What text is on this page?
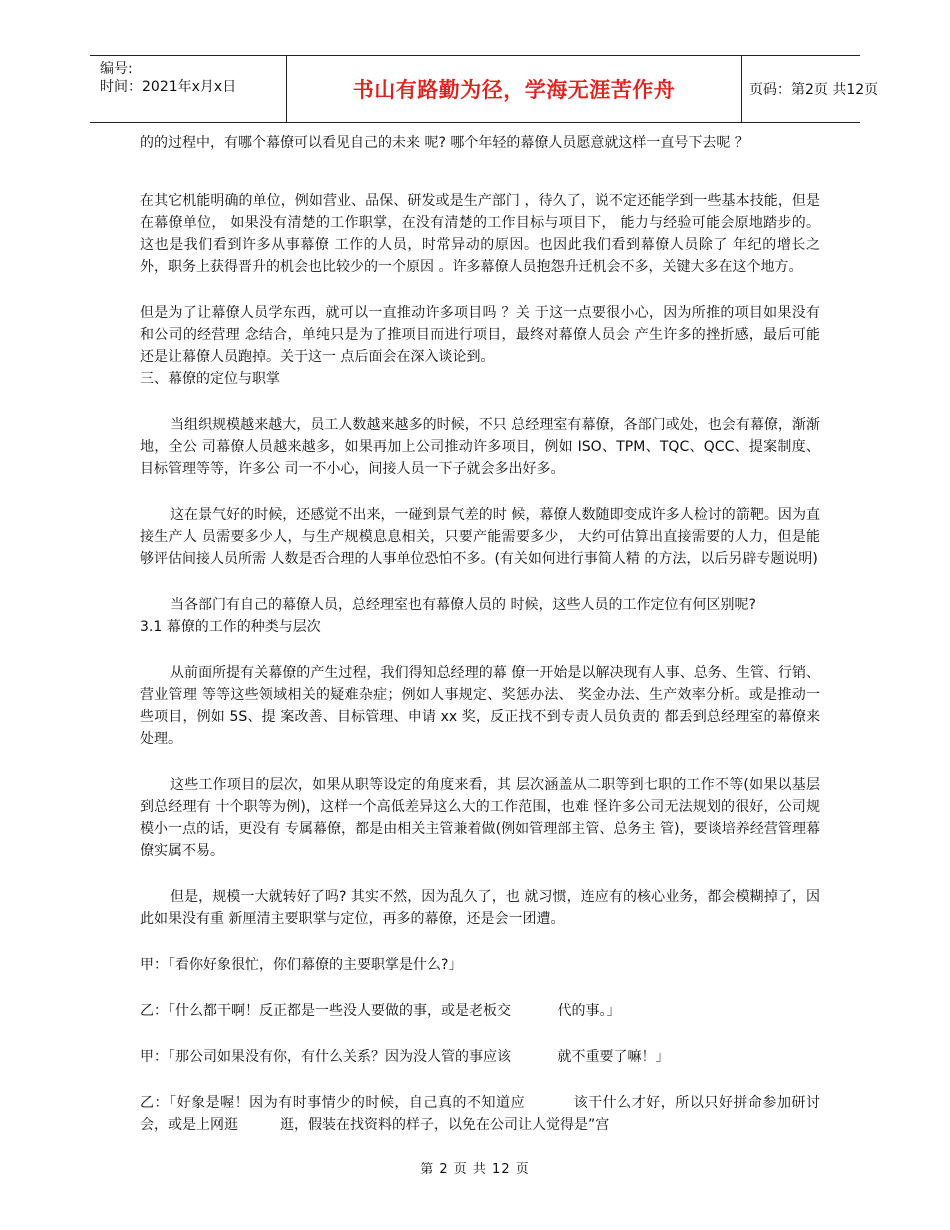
编号:
时间：2021年x月x日	书山有路勤为径，学海无涯苦作舟	页码：第2页 共12页

的的过程中，有哪个幕僚可以看见自己的未来 呢? 哪个年轻的幕僚人员愿意就这样一直号下去呢 ？

在其它机能明确的单位，例如营业、品保、研发或是生产部门 ，待久了，说不定还能学到一些基本技能，但是在幕僚单位， 如果没有清楚的工作职掌，在没有清楚的工作目标与项目下， 能力与经验可能会原地踏步的。这也是我们看到许多从事幕僚 工作的人员，时常异动的原因。也因此我们看到幕僚人员除了 年纪的增长之外，职务上获得晋升的机会也比较少的一个原因 。许多幕僚人员抱怨升迁机会不多，关键大多在这个地方。

但是为了让幕僚人员学东西，就可以一直推动许多项目吗 ？关 于这一点要很小心，因为所推的项目如果没有和公司的经营理 念结合，单纯只是为了推项目而进行项目，最终对幕僚人员会 产生许多的挫折感，最后可能还是让幕僚人员跑掉。关于这一 点后面会在深入谈论到。

三、幕僚的定位与职掌

当组织规模越来越大，员工人数越来越多的时候，不只 总经理室有幕僚，各部门或处，也会有幕僚，渐渐地，全公 司幕僚人员越来越多，如果再加上公司推动许多项目，例如 ISO、TPM、TQC、QCC、提案制度、目标管理等等，许多公 司一不小心，间接人员一下子就会多出好多。

这在景气好的时候，还感觉不出来，一碰到景气差的时 候，幕僚人数随即变成许多人检讨的箭靶。因为直接生产人 员需要多少人，与生产规模息息相关，只要产能需要多少， 大约可估算出直接需要的人力，但是能够评估间接人员所需 人数是否合理的人事单位恐怕不多。(有关如何进行事简人精 的方法，以后另辟专题说明)

当各部门有自己的幕僚人员，总经理室也有幕僚人员的 时候，这些人员的工作定位有何区别呢?

3.1 幕僚的工作的种类与层次

从前面所提有关幕僚的产生过程，我们得知总经理的幕 僚一开始是以解决现有人事、总务、生管、行销、营业管理 等等这些领域相关的疑难杂症；例如人事规定、奖惩办法、 奖金办法、生产效率分析。或是推动一些项目，例如 5S、提 案改善、目标管理、申请 xx 奖，反正找不到专责人员负责的 都丢到总经理室的幕僚来处理。

这些工作项目的层次，如果从职等设定的角度来看，其 层次涵盖从二职等到七职的工作不等(如果以基层到总经理有 十个职等为例)，这样一个高低差异这么大的工作范围，也难 怪许多公司无法规划的很好，公司规模小一点的话，更没有 专属幕僚，都是由相关主管兼着做(例如管理部主管、总务主 管)，要谈培养经营管理幕僚实属不易。

但是，规模一大就转好了吗? 其实不然，因为乱久了，也 就习惯，连应有的核心业务，都会模糊掉了，因此如果没有重 新厘清主要职掌与定位，再多的幕僚，还是会一团遭。

甲：「看你好象很忙，你们幕僚的主要职掌是什么?」

乙：「什么都干啊！反正都是一些没人要做的事，或是老板交 　　　代的事。」

甲：「那公司如果没有你，有什么关系？因为没人管的事应该 　　　就不重要了嘛！」

乙：「好象是喔！因为有时事情少的时候，自己真的不知道应 　　　该干什么才好，所以只好拼命参加研讨会，或是上网逛　　　逛，假装在找资料的样子，以免在公司让人觉得是”宫

第 2 页 共 12 页
